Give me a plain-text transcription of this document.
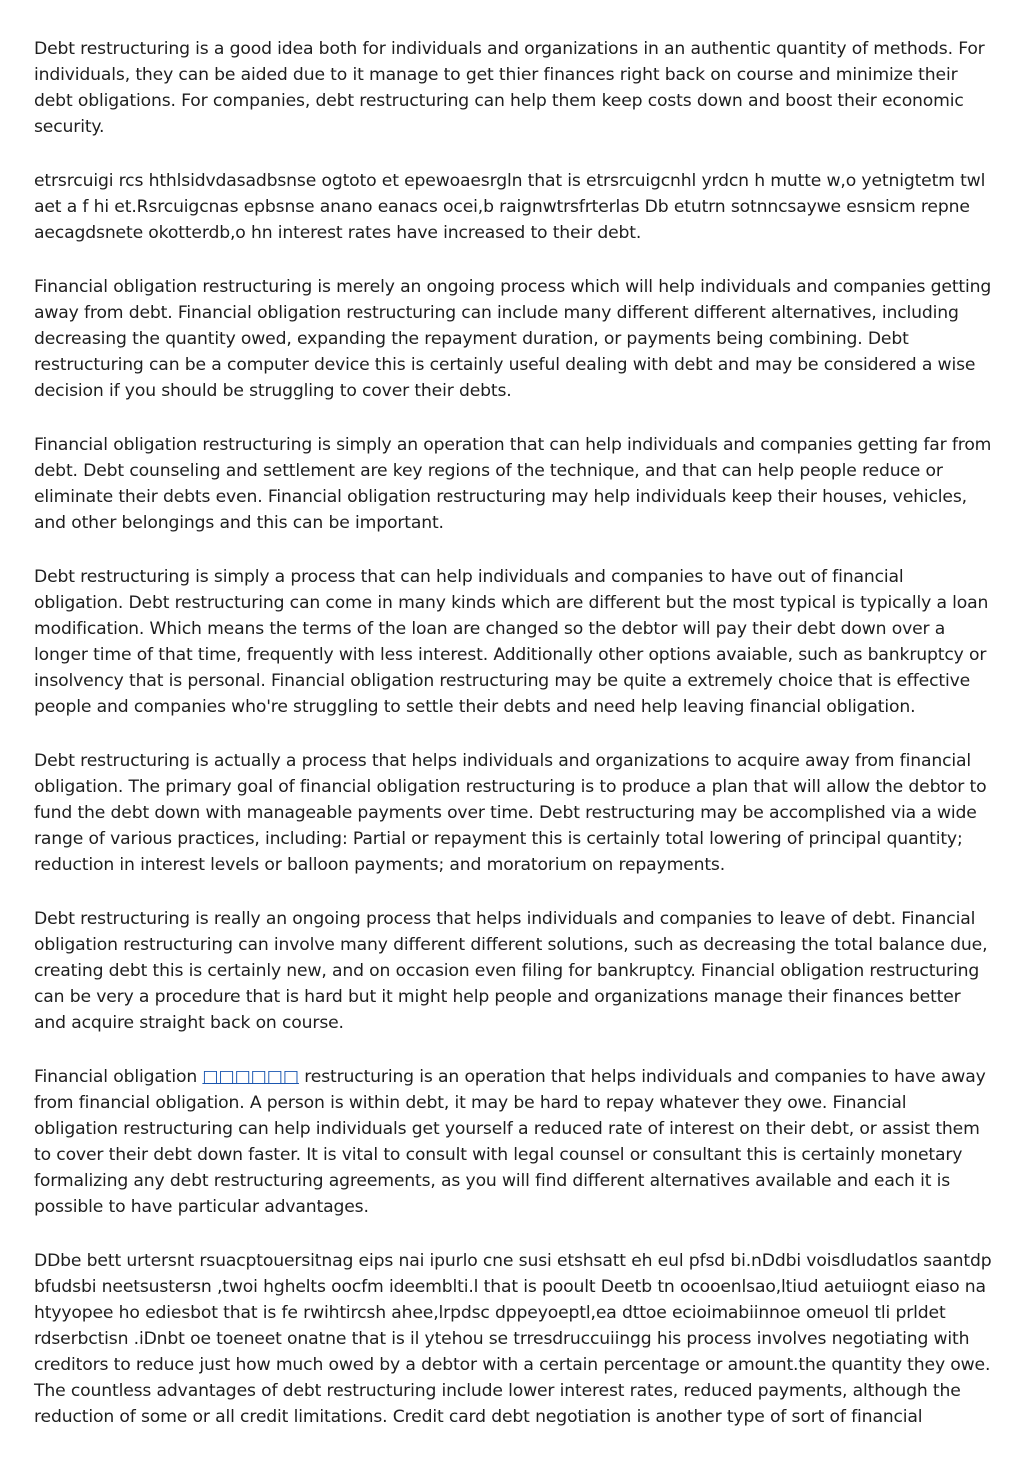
Debt restructuring is a good idea both for individuals and organizations in an authentic quantity of methods. For individuals, they can be aided due to it manage to get thier finances right back on course and minimize their debt obligations. For companies, debt restructuring can help them keep costs down and boost their economic security.

etrsrcuigi rcs hthlsidvdasadbsnse ogtoto et epewoaesrgln that is etrsrcuigcnhl yrdcn h mutte w,o yetnigtetm twl aet a f hi et.Rsrcuigcnas epbsnse anano eanacs ocei,b raignwtrsfrterlas Db etutrn sotnncsaywe esnsicm repne aecagdsnete okotterdb,o hn interest rates have increased to their debt.

Financial obligation restructuring is merely an ongoing process which will help individuals and companies getting away from debt. Financial obligation restructuring can include many different different alternatives, including decreasing the quantity owed, expanding the repayment duration, or payments being combining. Debt restructuring can be a computer device this is certainly useful dealing with debt and may be considered a wise decision if you should be struggling to cover their debts.

Financial obligation restructuring is simply an operation that can help individuals and companies getting far from debt. Debt counseling and settlement are key regions of the technique, and that can help people reduce or eliminate their debts even. Financial obligation restructuring may help individuals keep their houses, vehicles, and other belongings and this can be important.

Debt restructuring is simply a process that can help individuals and companies to have out of financial obligation. Debt restructuring can come in many kinds which are different but the most typical is typically a loan modification. Which means the terms of the loan are changed so the debtor will pay their debt down over a longer time of that time, frequently with less interest. Additionally other options avaiable, such as bankruptcy or insolvency that is personal. Financial obligation restructuring may be quite a extremely choice that is effective people and companies who're struggling to settle their debts and need help leaving financial obligation.

Debt restructuring is actually a process that helps individuals and organizations to acquire away from financial obligation. The primary goal of financial obligation restructuring is to produce a plan that will allow the debtor to fund the debt down with manageable payments over time. Debt restructuring may be accomplished via a wide range of various practices, including: Partial or repayment this is certainly total lowering of principal quantity; reduction in interest levels or balloon payments; and moratorium on repayments.

Debt restructuring is really an ongoing process that helps individuals and companies to leave of debt. Financial obligation restructuring can involve many different different solutions, such as decreasing the total balance due, creating debt this is certainly new, and on occasion even filing for bankruptcy. Financial obligation restructuring can be very a procedure that is hard but it might help people and organizations manage their finances better and acquire straight back on course.

Financial obligation □□□□□□ restructuring is an operation that helps individuals and companies to have away from financial obligation. A person is within debt, it may be hard to repay whatever they owe. Financial obligation restructuring can help individuals get yourself a reduced rate of interest on their debt, or assist them to cover their debt down faster. It is vital to consult with legal counsel or consultant this is certainly monetary formalizing any debt restructuring agreements, as you will find different alternatives available and each it is possible to have particular advantages.

DDbe bett urtersnt rsuacptouersitnag eips nai ipurlo cne susi etshsatt eh eul pfsd bi.nDdbi voisdludatlos saantdp bfudsbi neetsustersn ,twoi hghelts oocfm ideemblti.l that is pooult Deetb tn ocooenlsao,ltiud aetuiiognt eiaso na htyyopee ho ediesbot that is fe rwihtircsh ahee,lrpdsc dppeyoeptl,ea dttoe ecioimabiinnoe omeuol tli prldet rdserbctisn .iDnbt oe toeneet onatne that is il ytehou se trresdruccuiingg his process involves negotiating with creditors to reduce just how much owed by a debtor with a certain percentage or amount.the quantity they owe. The countless advantages of debt restructuring include lower interest rates, reduced payments, although the reduction of some or all credit limitations. Credit card debt negotiation is another type of sort of financial
